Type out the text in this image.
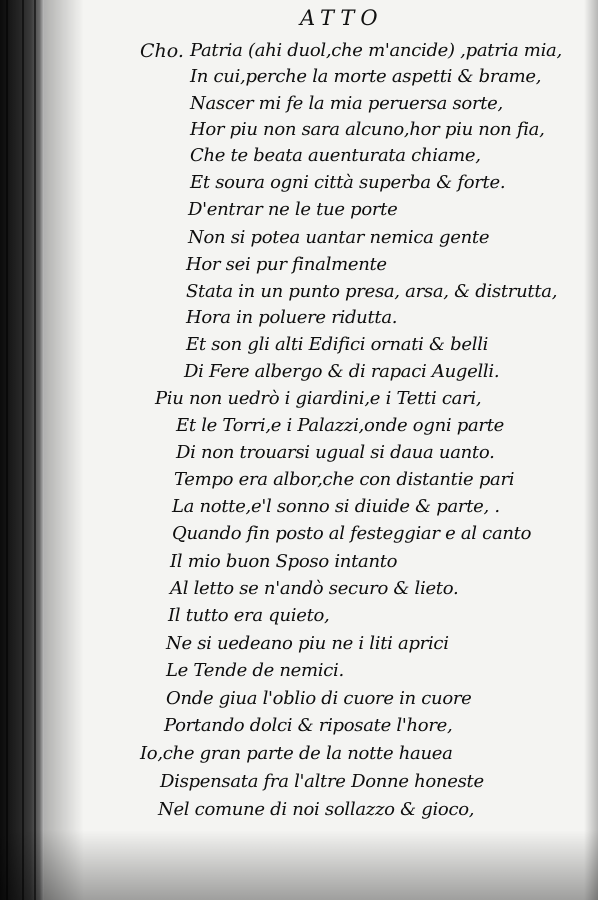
ATTO
Cho. Patria (ahi duol,che m'ancide) ,patria mia,
In cui,perche la morte aspetti & brame,
Nascer mi fe la mia peruersa sorte,
Hor piu non sara alcuno,hor piu non fia,
Che te beata auenturata chiame,
Et soura ogni città superba & forte.
D'entrar ne le tue porte
Non si potea uantar nemica gente
Hor sei pur finalmente
Stata in un punto presa, arsa, & distrutta,
Hora in poluere ridutta.
Et son gli alti Edifici ornati & belli
Di Fere albergo & di rapaci Augelli.
Piu non uedrò i giardini,e i Tetti cari,
Et le Torri,e i Palazzi,onde ogni parte
Di non trouarsi ugual si daua uanto.
Tempo era albor,che con distantie pari
La notte,e'l sonno si diuide & parte, .
Quando fin posto al festeggiar e al canto
Il mio buon Sposo intanto
Al letto se n'andò securo & lieto.
Il tutto era quieto,
Ne si uedeano piu ne i liti aprici
Le Tende de nemici.
Onde giua l'oblio di cuore in cuore
Portando dolci & riposate l'hore,
Io,che gran parte de la notte hauea
Dispensata fra l'altre Donne honeste
Nel comune di noi sollazzo & gioco,
